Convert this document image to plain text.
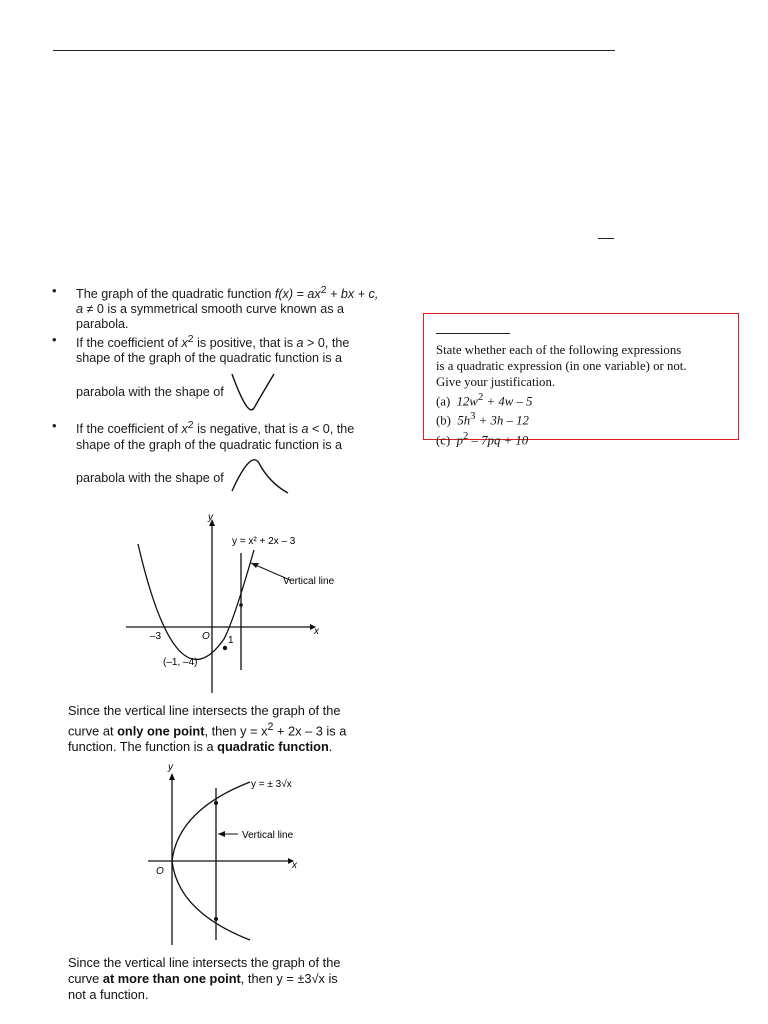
• The graph of the quadratic function $f(x) = ax^2$ + bx + c,
a ≠ 0 is a symmetrical smooth curve known as a
parabola.
• If the coefficient of $x^2$ is positive, that is a > 0, the
shape of the graph of the quadratic function is a
parabola with the shape of
• If the coefficient of $x^2$ is negative, that is a < 0, the
shape of the graph of the quadratic function is a
parabola with the shape of
State whether each of the following expressions
is a quadratic expression (in one variable) or not.
Give your justification.
(a) $12w^2 + 4w - 5$
(b) $5h^3 + 3h - 12$
(c) $p^2 - 7pq + 10$
y
x
y = x² + 2x – 3
Vertical line
–3	O 1
(–1, –4)
Since the vertical line intersects the graph of the
curve at only one point, then $y = x^2 + 2x - 3$ is a
function. The function is a quadratic function.
y
x
y = ± 3√x
Vertical line
O
Since the vertical line intersects the graph of the
curve at more than one point, then y = ±3√x is
not a function.
